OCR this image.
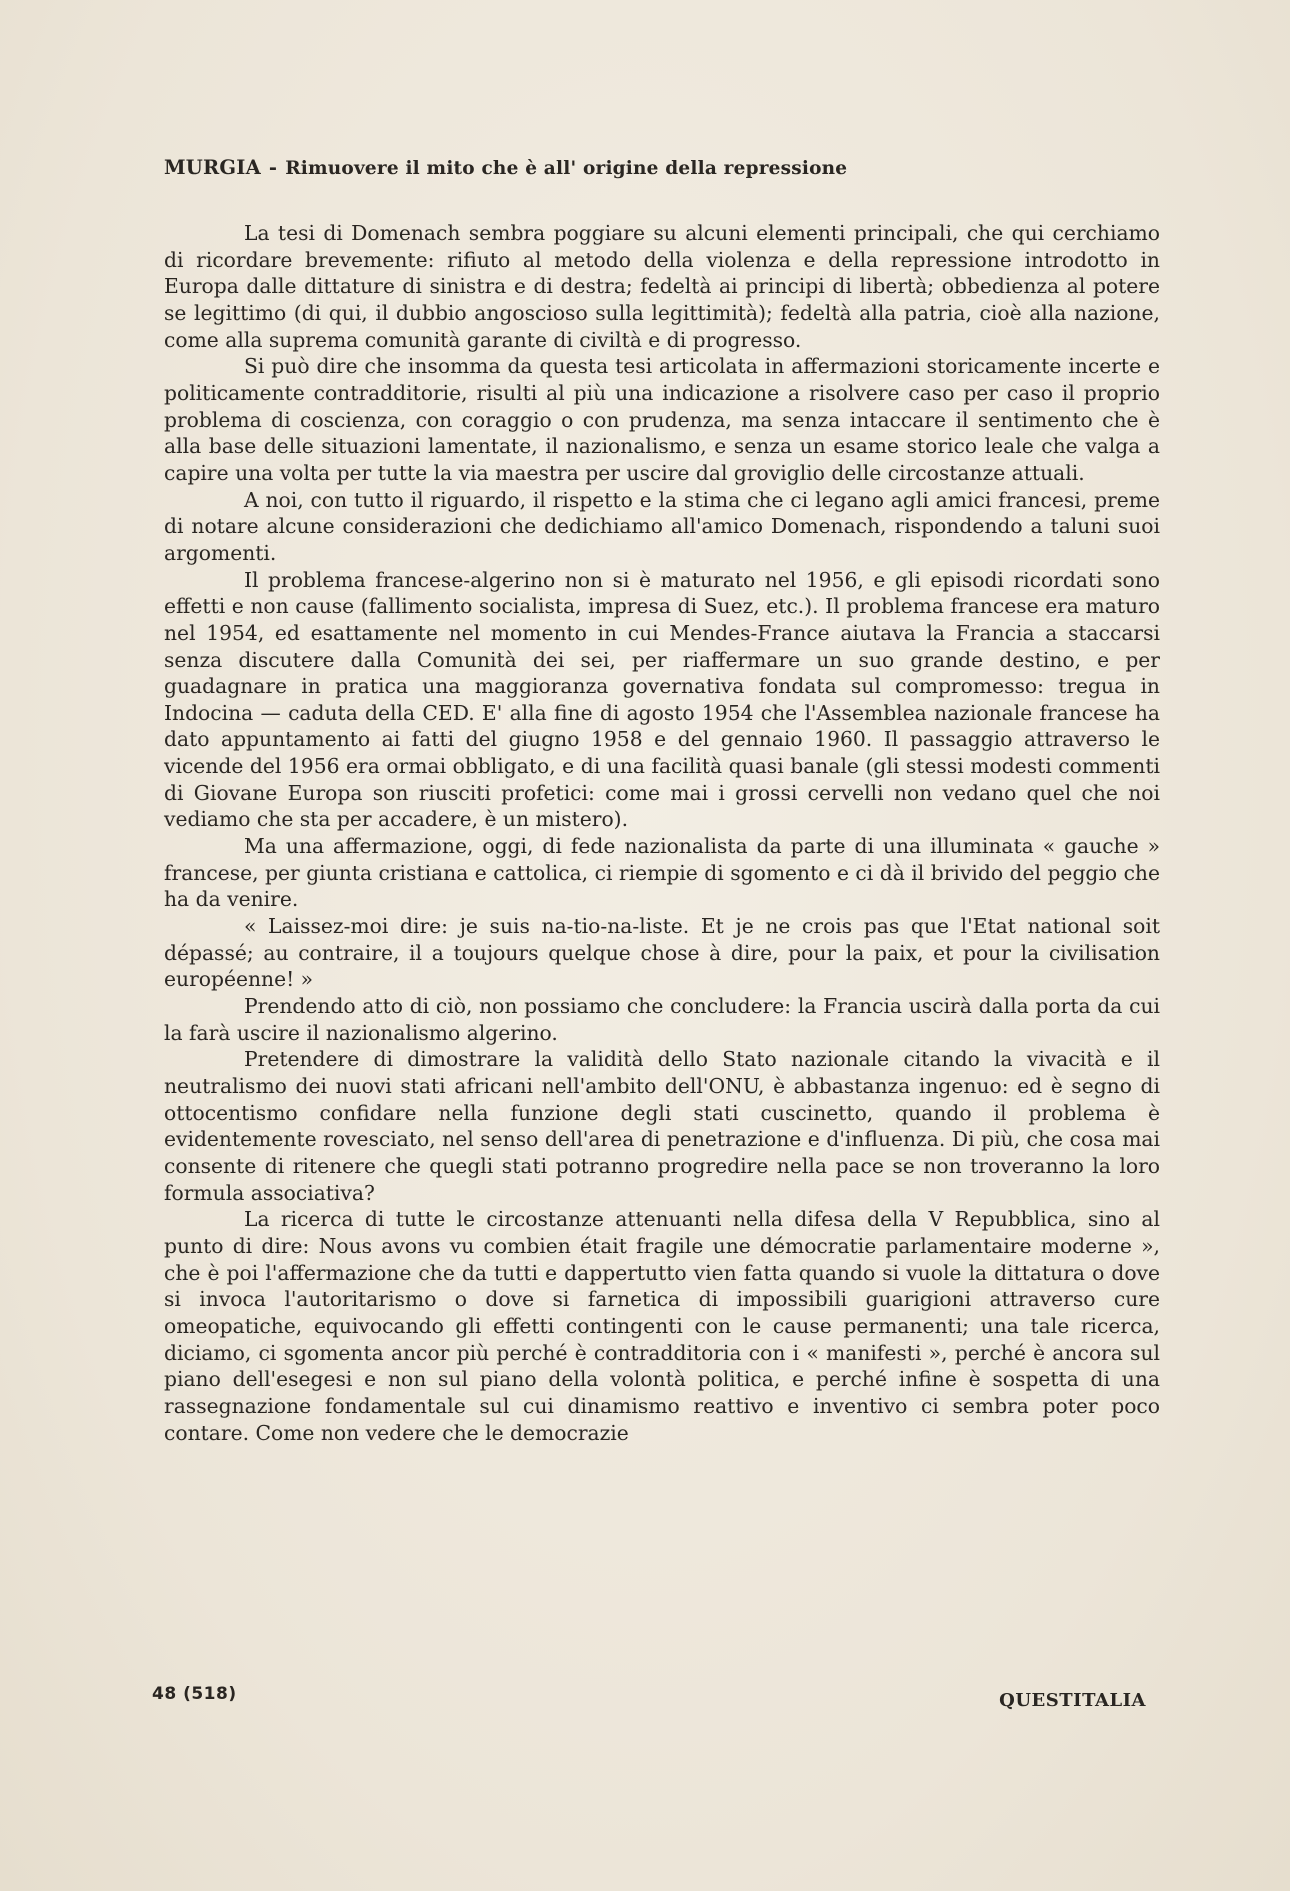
MURGIA - Rimuovere il mito che è all' origine della repressione

La tesi di Domenach sembra poggiare su alcuni elementi principali, che qui cerchiamo di ricordare brevemente: rifiuto al metodo della violenza e della repressione introdotto in Europa dalle dittature di sinistra e di destra; fedeltà ai principi di libertà; obbedienza al potere se legittimo (di qui, il dubbio angoscioso sulla legittimità); fedeltà alla patria, cioè alla nazione, come alla suprema comunità garante di civiltà e di progresso.

Si può dire che insomma da questa tesi articolata in affermazioni storicamente incerte e politicamente contradditorie, risulti al più una indicazione a risolvere caso per caso il proprio problema di coscienza, con coraggio o con prudenza, ma senza intaccare il sentimento che è alla base delle situazioni lamentate, il nazionalismo, e senza un esame storico leale che valga a capire una volta per tutte la via maestra per uscire dal groviglio delle circostanze attuali.

A noi, con tutto il riguardo, il rispetto e la stima che ci legano agli amici francesi, preme di notare alcune considerazioni che dedichiamo all'amico Domenach, rispondendo a taluni suoi argomenti.

Il problema francese-algerino non si è maturato nel 1956, e gli episodi ricordati sono effetti e non cause (fallimento socialista, impresa di Suez, etc.). Il problema francese era maturo nel 1954, ed esattamente nel momento in cui Mendes-France aiutava la Francia a staccarsi senza discutere dalla Comunità dei sei, per riaffermare un suo grande destino, e per guadagnare in pratica una maggioranza governativa fondata sul compromesso: tregua in Indocina — caduta della CED. E' alla fine di agosto 1954 che l'Assemblea nazionale francese ha dato appuntamento ai fatti del giugno 1958 e del gennaio 1960. Il passaggio attraverso le vicende del 1956 era ormai obbligato, e di una facilità quasi banale (gli stessi modesti commenti di Giovane Europa son riusciti profetici: come mai i grossi cervelli non vedano quel che noi vediamo che sta per accadere, è un mistero).

Ma una affermazione, oggi, di fede nazionalista da parte di una illuminata « gauche » francese, per giunta cristiana e cattolica, ci riempie di sgomento e ci dà il brivido del peggio che ha da venire.

« Laissez-moi dire: je suis na-tio-na-liste. Et je ne crois pas que l'Etat national soit dépassé; au contraire, il a toujours quelque chose à dire, pour la paix, et pour la civilisation européenne! »

Prendendo atto di ciò, non possiamo che concludere: la Francia uscirà dalla porta da cui la farà uscire il nazionalismo algerino.

Pretendere di dimostrare la validità dello Stato nazionale citando la vivacità e il neutralismo dei nuovi stati africani nell'ambito dell'ONU, è abbastanza ingenuo: ed è segno di ottocentismo confidare nella funzione degli stati cuscinetto, quando il problema è evidentemente rovesciato, nel senso dell'area di penetrazione e d'influenza. Di più, che cosa mai consente di ritenere che quegli stati potranno progredire nella pace se non troveranno la loro formula associativa?

La ricerca di tutte le circostanze attenuanti nella difesa della V Repubblica, sino al punto di dire: Nous avons vu combien était fragile une démocratie parlamentaire moderne », che è poi l'affermazione che da tutti e dappertutto vien fatta quando si vuole la dittatura o dove si invoca l'autoritarismo o dove si farnetica di impossibili guarigioni attraverso cure omeopatiche, equivocando gli effetti contingenti con le cause permanenti; una tale ricerca, diciamo, ci sgomenta ancor più perché è contradditoria con i « manifesti », perché è ancora sul piano dell'esegesi e non sul piano della volontà politica, e perché infine è sospetta di una rassegnazione fondamentale sul cui dinamismo reattivo e inventivo ci sembra poter poco contare. Come non vedere che le democrazie

48 (518)	QUESTITALIA
